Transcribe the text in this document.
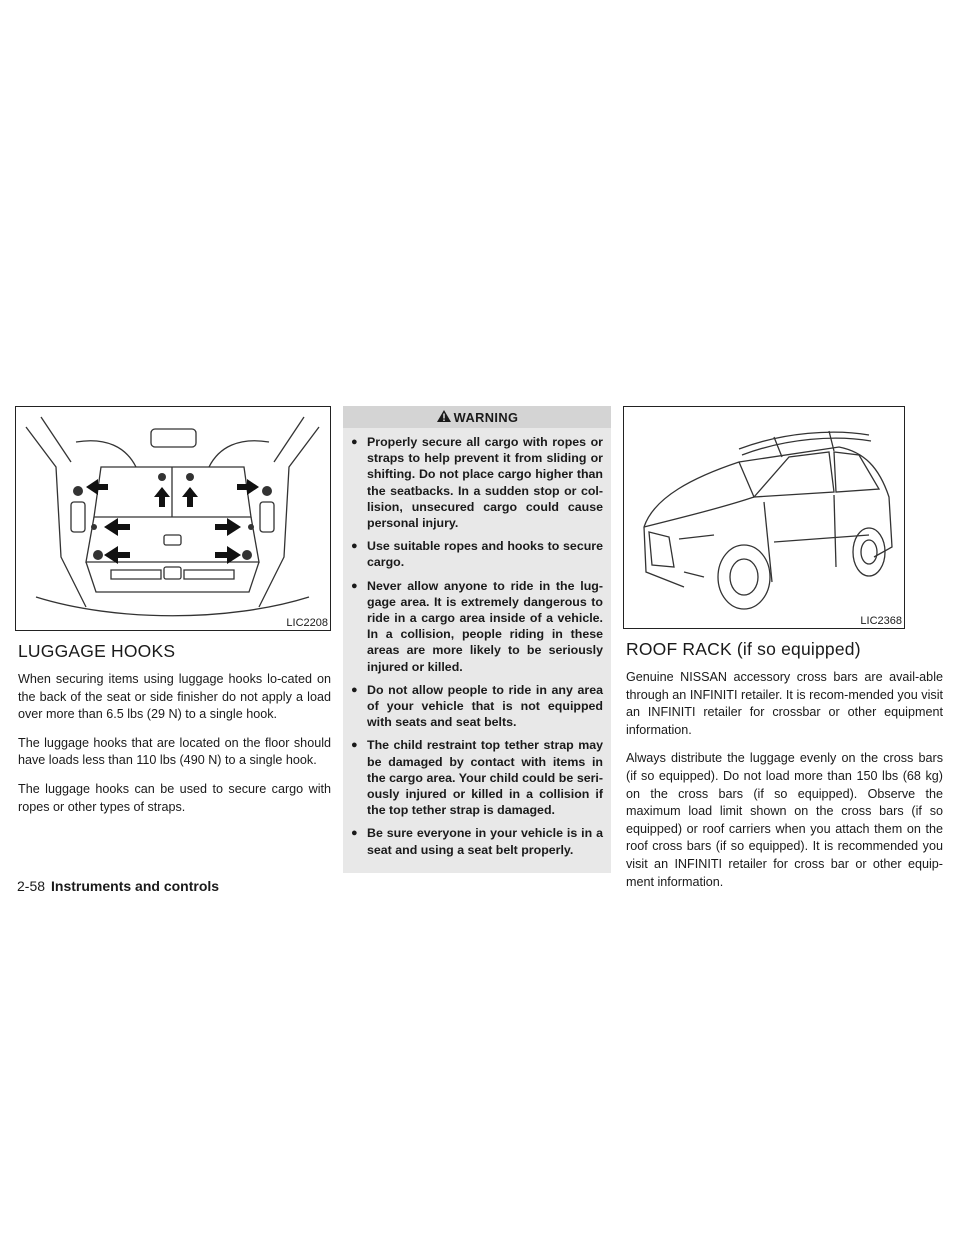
LIC2208
LUGGAGE HOOKS

When securing items using luggage hooks lo-cated on the back of the seat or side finisher do not apply a load over more than 6.5 lbs (29 N) to a single hook.

The luggage hooks that are located on the floor should have loads less than 110 lbs (490 N) to a single hook.

The luggage hooks can be used to secure cargo with ropes or other types of straps.

WARNING
● Properly secure all cargo with ropes or straps to help prevent it from sliding or shifting. Do not place cargo higher than the seatbacks. In a sudden stop or col-lision, unsecured cargo could cause personal injury.
● Use suitable ropes and hooks to secure cargo.
● Never allow anyone to ride in the lug-gage area. It is extremely dangerous to ride in a cargo area inside of a vehicle. In a collision, people riding in these areas are more likely to be seriously injured or killed.
● Do not allow people to ride in any area of your vehicle that is not equipped with seats and seat belts.
● The child restraint top tether strap may be damaged by contact with items in the cargo area. Your child could be seri-ously injured or killed in a collision if the top tether strap is damaged.
● Be sure everyone in your vehicle is in a seat and using a seat belt properly.
LIC2368
ROOF RACK (if so equipped)

Genuine NISSAN accessory cross bars are avail-able through an INFINITI retailer. It is recom-mended you visit an INFINITI retailer for crossbar or other equipment information.

Always distribute the luggage evenly on the cross bars (if so equipped). Do not load more than 150 lbs (68 kg) on the cross bars (if so equipped). Observe the maximum load limit shown on the cross bars (if so equipped) or roof carriers when you attach them on the roof cross bars (if so equipped). It is recommended you visit an INFINITI retailer for cross bar or other equip-ment information.

2-58 Instruments and controls
